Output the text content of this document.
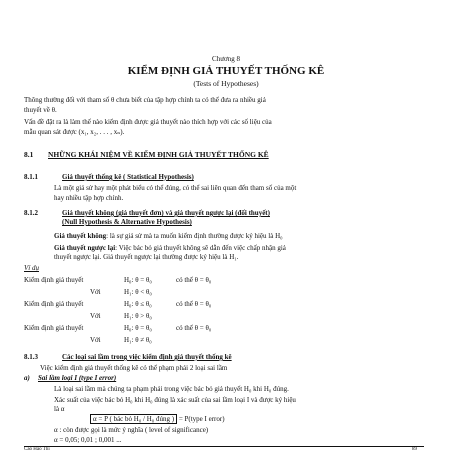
Chương 8
KIỂM ĐỊNH GIẢ THUYẾT THỐNG KÊ
(Tests of Hypotheses)
Thông thường đối với tham số θ chưa biết của tập hợp chính ta có thể đưa ra nhiều giả
thuyết về θ.
Vấn đề đặt ra là làm thế nào kiểm định được giả thuyết nào thích hợp với các số liệu của
mẫu quan sát được (x₁, x₂, . . . , xₙ).
8.1 NHỮNG KHÁI NIỆM VỀ KIỂM ĐỊNH GIẢ THUYẾT THỐNG KÊ
8.1.1	Giả thuyết thống kê ( Statistical Hypothesis)
Là một giả sử hay một phát biểu có thể đúng, có thể sai liên quan đến tham số của một
hay nhiều tập hợp chính.
8.1.2	Giả thuyết không (giả thuyết đơn) và giả thuyết ngược lại (đối thuyết)
(Null Hypothesis & Alternative Hypothesis)
Giả thuyết không: là sự giả sử mà ta muốn kiểm định thường được ký hiệu là H₀
Giả thuyết ngược lại: Việc bác bỏ giả thuyết không sẽ dẫn đến việc chấp nhận giả
thuyết ngược lại. Giả thuyết ngược lại thường được ký hiệu là H₁.
Ví dụ
Kiểm định giả thuyết	H₀: θ = θ₀	có thể θ = θ₀
Với	H₁: θ < θ₀
Kiểm định giả thuyết	H₀: θ ≤ θ₀	có thể θ = θ₀
Với	H₁: θ > θ₀
Kiểm định giả thuyết	H₀: θ = θ₀	có thể θ = θ₀
Với	H₁: θ ≠ θ₀
8.1.3	Các loại sai lầm trong việc kiểm định giả thuyết thống kê
Việc kiểm định giả thuyết thống kê có thể phạm phải 2 loại sai lầm
a) Sai lầm loại I (type I error)
Là loại sai lầm mà chúng ta phạm phải trong việc bác bỏ giả thuyết H₀ khi H₀ đúng.
Xác suất của việc bác bỏ H₀ khi H₀ đúng là xác suất của sai lầm loại I và được ký hiệu
là α
α = P ( bác bỏ H₀ / H₀ đúng ) = P(type I error)
α : còn được gọi là mức ý nghĩa ( level of significance)
α = 0,05; 0,01 ; 0,001 ...
Cao Hào Thi	89
